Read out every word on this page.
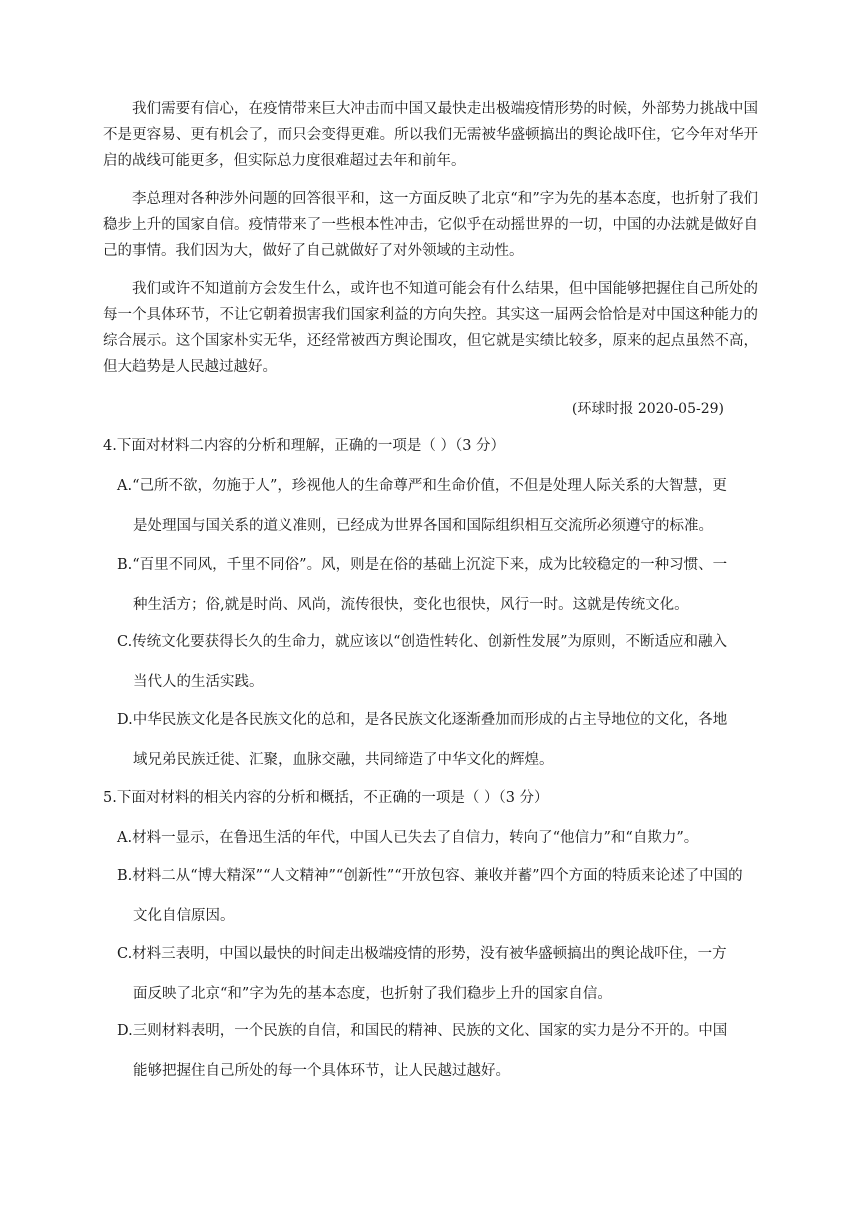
我们需要有信心，在疫情带来巨大冲击而中国又最快走出极端疫情形势的时候，外部势力挑战中国不是更容易、更有机会了，而只会变得更难。所以我们无需被华盛顿搞出的舆论战吓住，它今年对华开启的战线可能更多，但实际总力度很难超过去年和前年。

李总理对各种涉外问题的回答很平和，这一方面反映了北京“和”字为先的基本态度，也折射了我们稳步上升的国家自信。疫情带来了一些根本性冲击，它似乎在动摇世界的一切，中国的办法就是做好自己的事情。我们因为大，做好了自己就做好了对外领域的主动性。

我们或许不知道前方会发生什么，或许也不知道可能会有什么结果，但中国能够把握住自己所处的每一个具体环节，不让它朝着损害我们国家利益的方向失控。其实这一届两会恰恰是对中国这种能力的综合展示。这个国家朴实无华，还经常被西方舆论围攻，但它就是实绩比较多，原来的起点虽然不高，但大趋势是人民越过越好。

(环球时报 2020-05-29)

4.下面对材料二内容的分析和理解，正确的一项是（ ）（3 分）

A.“己所不欲，勿施于人”，珍视他人的生命尊严和生命价值，不但是处理人际关系的大智慧，更
是处理国与国关系的道义准则，已经成为世界各国和国际组织相互交流所必须遵守的标准。
B.“百里不同风，千里不同俗”。风，则是在俗的基础上沉淀下来，成为比较稳定的一种习惯、一
种生活方；俗,就是时尚、风尚，流传很快，变化也很快，风行一时。这就是传统文化。
C.传统文化要获得长久的生命力，就应该以“创造性转化、创新性发展”为原则，不断适应和融入
当代人的生活实践。
D.中华民族文化是各民族文化的总和，是各民族文化逐渐叠加而形成的占主导地位的文化，各地
域兄弟民族迁徙、汇聚，血脉交融，共同缔造了中华文化的辉煌。

5.下面对材料的相关内容的分析和概括，不正确的一项是（ ）（3 分）

A.材料一显示，在鲁迅生活的年代，中国人已失去了自信力，转向了“他信力”和“自欺力”。
B.材料二从“博大精深”“人文精神”“创新性”“开放包容、兼收并蓄”四个方面的特质来论述了中国的
文化自信原因。
C.材料三表明，中国以最快的时间走出极端疫情的形势，没有被华盛顿搞出的舆论战吓住，一方
面反映了北京“和”字为先的基本态度，也折射了我们稳步上升的国家自信。
D.三则材料表明，一个民族的自信，和国民的精神、民族的文化、国家的实力是分不开的。中国
能够把握住自己所处的每一个具体环节，让人民越过越好。
